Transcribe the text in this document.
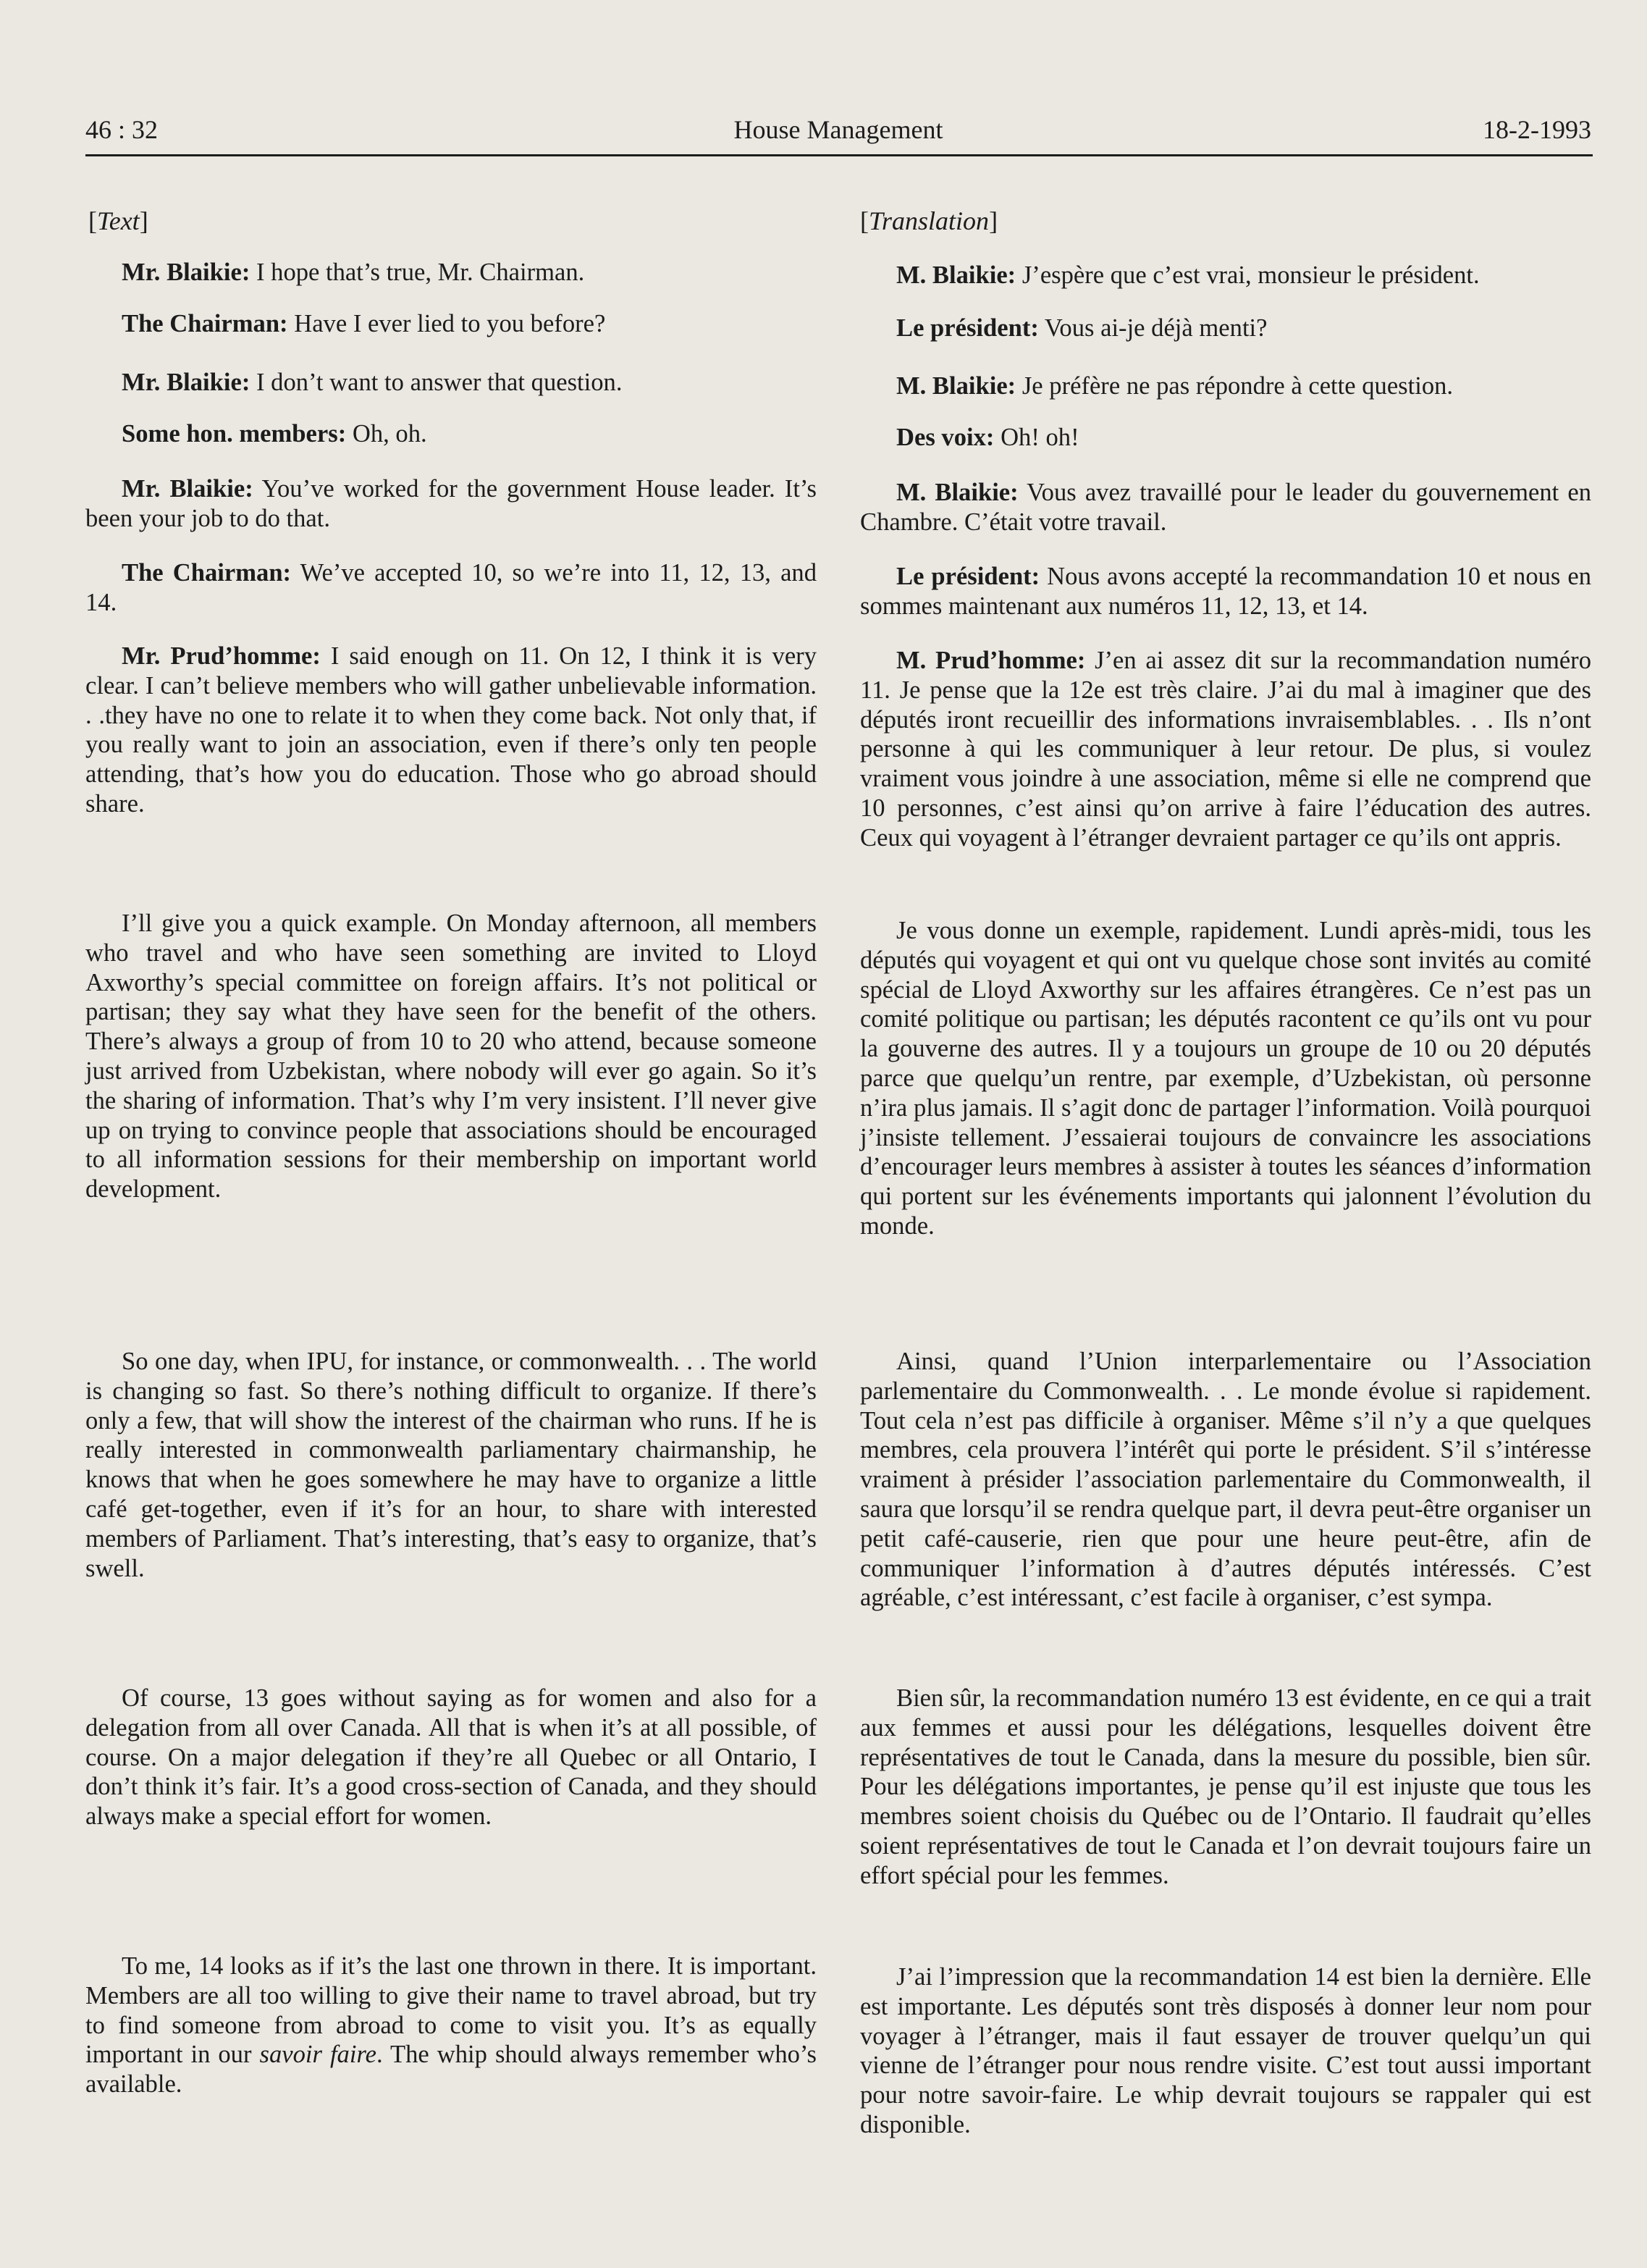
46 : 32	House Management	18-2-1993
[Text]

Mr. Blaikie: I hope that’s true, Mr. Chairman.

The Chairman: Have I ever lied to you before?

Mr. Blaikie: I don’t want to answer that question.

Some hon. members: Oh, oh.

Mr. Blaikie: You’ve worked for the government House leader. It’s been your job to do that.

The Chairman: We’ve accepted 10, so we’re into 11, 12, 13, and 14.

Mr. Prud’homme: I said enough on 11. On 12, I think it is very clear. I can’t believe members who will gather unbelievable information. . .they have no one to relate it to when they come back. Not only that, if you really want to join an association, even if there’s only ten people attending, that’s how you do education. Those who go abroad should share.

I’ll give you a quick example. On Monday afternoon, all members who travel and who have seen something are invited to Lloyd Axworthy’s special committee on foreign affairs. It’s not political or partisan; they say what they have seen for the benefit of the others. There’s always a group of from 10 to 20 who attend, because someone just arrived from Uzbekistan, where nobody will ever go again. So it’s the sharing of information. That’s why I’m very insistent. I’ll never give up on trying to convince people that associations should be encouraged to all information sessions for their membership on important world development.

So one day, when IPU, for instance, or commonwealth. . . The world is changing so fast. So there’s nothing difficult to organize. If there’s only a few, that will show the interest of the chairman who runs. If he is really interested in commonwealth parliamentary chairmanship, he knows that when he goes somewhere he may have to organize a little café get-together, even if it’s for an hour, to share with interested members of Parliament. That’s interesting, that’s easy to organize, that’s swell.

Of course, 13 goes without saying as for women and also for a delegation from all over Canada. All that is when it’s at all possible, of course. On a major delegation if they’re all Quebec or all Ontario, I don’t think it’s fair. It’s a good cross-section of Canada, and they should always make a special effort for women.

To me, 14 looks as if it’s the last one thrown in there. It is important. Members are all too willing to give their name to travel abroad, but try to find someone from abroad to come to visit you. It’s as equally important in our savoir faire. The whip should always remember who’s available.

[Translation]

M. Blaikie: J’espère que c’est vrai, monsieur le président.

Le président: Vous ai-je déjà menti?

M. Blaikie: Je préfère ne pas répondre à cette question.

Des voix: Oh! oh!

M. Blaikie: Vous avez travaillé pour le leader du gouvernement en Chambre. C’était votre travail.

Le président: Nous avons accepté la recommandation 10 et nous en sommes maintenant aux numéros 11, 12, 13, et 14.

M. Prud’homme: J’en ai assez dit sur la recommandation numéro 11. Je pense que la 12e est très claire. J’ai du mal à imaginer que des députés iront recueillir des informations invraisemblables. . . Ils n’ont personne à qui les communiquer à leur retour. De plus, si voulez vraiment vous joindre à une association, même si elle ne comprend que 10 personnes, c’est ainsi qu’on arrive à faire l’éducation des autres. Ceux qui voyagent à l’étranger devraient partager ce qu’ils ont appris.

Je vous donne un exemple, rapidement. Lundi après-midi, tous les députés qui voyagent et qui ont vu quelque chose sont invités au comité spécial de Lloyd Axworthy sur les affaires étrangères. Ce n’est pas un comité politique ou partisan; les députés racontent ce qu’ils ont vu pour la gouverne des autres. Il y a toujours un groupe de 10 ou 20 députés parce que quelqu’un rentre, par exemple, d’Uzbekistan, où personne n’ira plus jamais. Il s’agit donc de partager l’information. Voilà pourquoi j’insiste tellement. J’essaierai toujours de convaincre les associations d’encourager leurs membres à assister à toutes les séances d’information qui portent sur les événements importants qui jalonnent l’évolution du monde.

Ainsi, quand l’Union interparlementaire ou l’Association parlementaire du Commonwealth. . . Le monde évolue si rapidement. Tout cela n’est pas difficile à organiser. Même s’il n’y a que quelques membres, cela prouvera l’intérêt qui porte le président. S’il s’intéresse vraiment à présider l’association parlementaire du Commonwealth, il saura que lorsqu’il se rendra quelque part, il devra peut-être organiser un petit café-causerie, rien que pour une heure peut-être, afin de communiquer l’information à d’autres députés intéressés. C’est agréable, c’est intéressant, c’est facile à organiser, c’est sympa.

Bien sûr, la recommandation numéro 13 est évidente, en ce qui a trait aux femmes et aussi pour les délégations, lesquelles doivent être représentatives de tout le Canada, dans la mesure du possible, bien sûr. Pour les délégations importantes, je pense qu’il est injuste que tous les membres soient choisis du Québec ou de l’Ontario. Il faudrait qu’elles soient représentatives de tout le Canada et l’on devrait toujours faire un effort spécial pour les femmes.

J’ai l’impression que la recommandation 14 est bien la dernière. Elle est importante. Les députés sont très disposés à donner leur nom pour voyager à l’étranger, mais il faut essayer de trouver quelqu’un qui vienne de l’étranger pour nous rendre visite. C’est tout aussi important pour notre savoir-faire. Le whip devrait toujours se rappaler qui est disponible.
